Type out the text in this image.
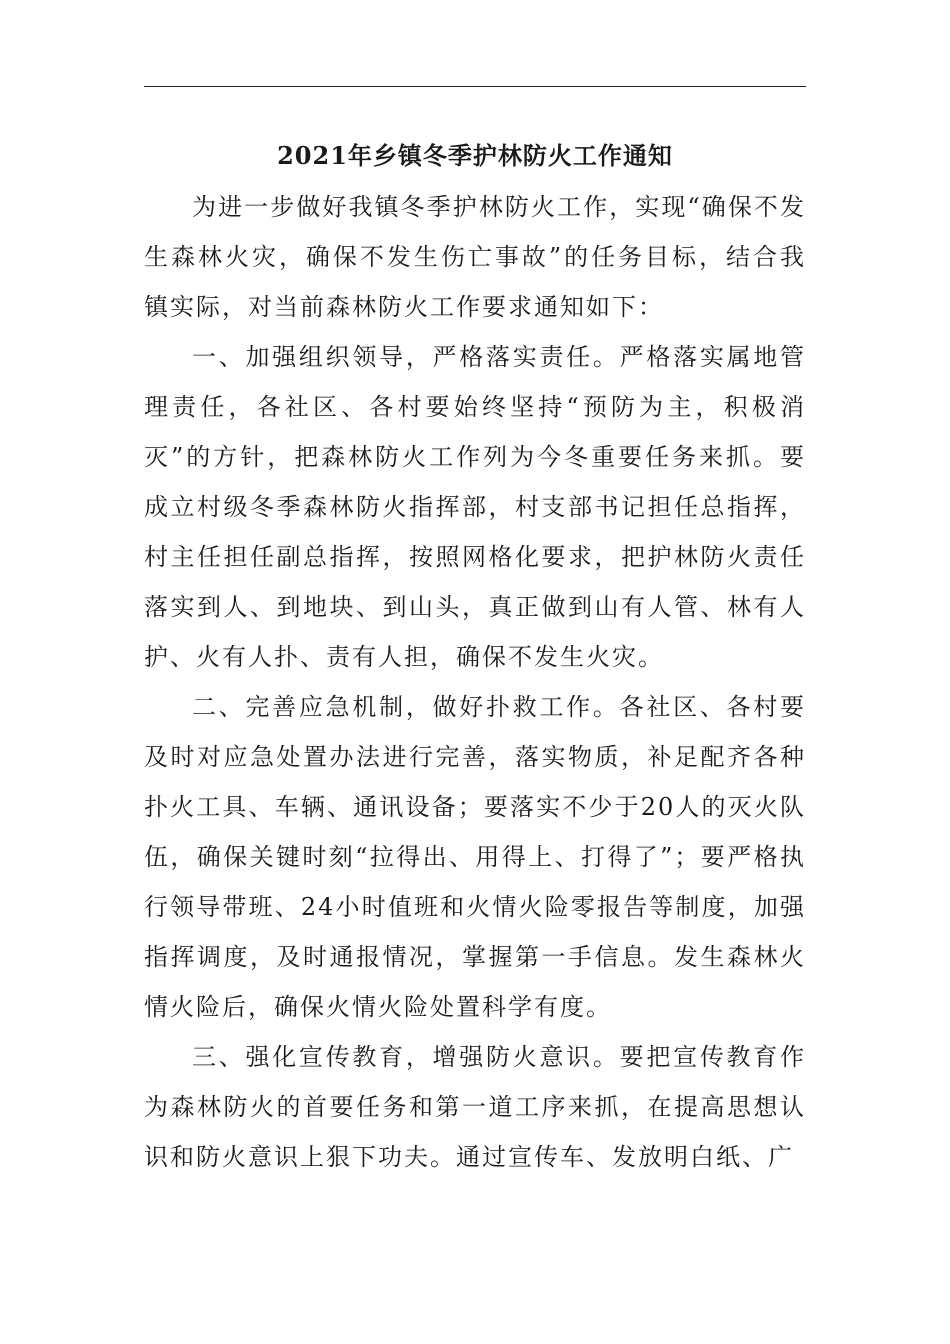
2021年乡镇冬季护林防火工作通知

为进一步做好我镇冬季护林防火工作，实现“确保不发生森林火灾，确保不发生伤亡事故”的任务目标，结合我镇实际，对当前森林防火工作要求通知如下：

一、加强组织领导，严格落实责任。严格落实属地管理责任，各社区、各村要始终坚持“预防为主，积极消灭”的方针，把森林防火工作列为今冬重要任务来抓。要成立村级冬季森林防火指挥部，村支部书记担任总指挥，村主任担任副总指挥，按照网格化要求，把护林防火责任落实到人、到地块、到山头，真正做到山有人管、林有人护、火有人扑、责有人担，确保不发生火灾。

二、完善应急机制，做好扑救工作。各社区、各村要及时对应急处置办法进行完善，落实物质，补足配齐各种扑火工具、车辆、通讯设备；要落实不少于20人的灭火队伍，确保关键时刻“拉得出、用得上、打得了”；要严格执行领导带班、24小时值班和火情火险零报告等制度，加强指挥调度，及时通报情况，掌握第一手信息。发生森林火情火险后，确保火情火险处置科学有度。

三、强化宣传教育，增强防火意识。要把宣传教育作为森林防火的首要任务和第一道工序来抓，在提高思想认识和防火意识上狠下功夫。通过宣传车、发放明白纸、广
